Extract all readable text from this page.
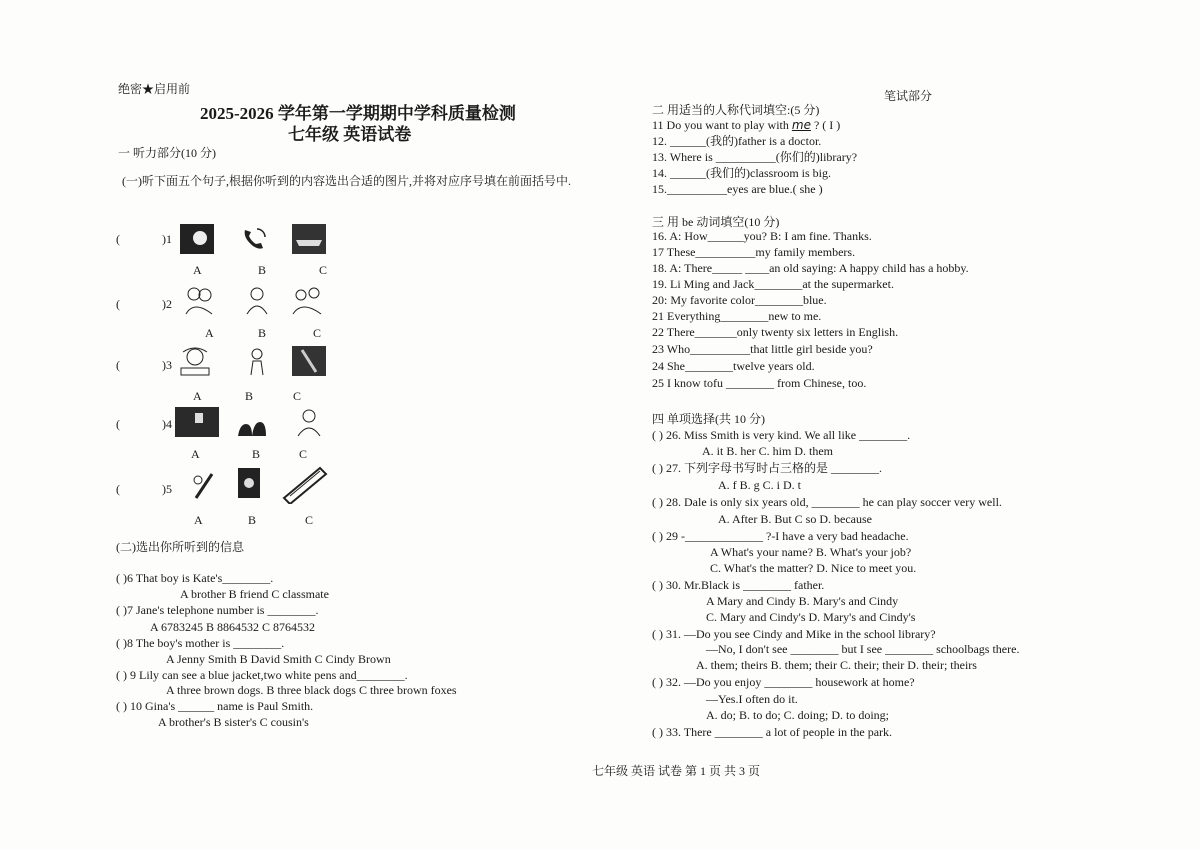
绝密★启用前	笔试部分
2025-2026 学年第一学期期中学科质量检测
七年级 英语试卷
一 听力部分(10 分)
(一)听下面五个句子,根据你听到的内容选出合适的图片,并将对应序号填在前面括号中.
(	)1
A	B	C
(	)2
A	B	C
(	)3
A	B	C
(	)4
A	B	C
(	)5
A	B	C
(二)选出你所听到的信息
( )6 That boy is Kate's________.
A brother B friend C classmate
( )7 Jane's telephone number is ________.
A 6783245 B 8864532 C 8764532
( )8 The boy's mother is ________.
A Jenny Smith B David Smith C Cindy Brown
( ) 9 Lily can see a blue jacket,two white pens and________.
A three brown dogs. B three black dogs C three brown foxes
( ) 10 Gina's ______ name is Paul Smith.
A brother's B sister's C cousin's
二 用适当的人称代词填空:(5 分)
11 Do you want to play with me ? ( I )
12. ______(我的)father is a doctor.
13. Where is __________(你们的)library?
14. ______(我们的)classroom is big.
15.__________eyes are blue.( she )
三 用 be 动词填空(10 分)
16. A: How______you? B: I am fine. Thanks.
17 These__________my family members.
18. A: There_____ ____an old saying: A happy child has a hobby.
19. Li Ming and Jack________at the supermarket.
20: My favorite color________blue.
21 Everything________new to me.
22 There_______only twenty six letters in English.
23 Who__________that little girl beside you?
24 She________twelve years old.
25 I know tofu ________ from Chinese, too.
四 单项选择(共 10 分)
( ) 26. Miss Smith is very kind. We all like ________.
A. it B. her C. him D. them
( ) 27. 下列字母书写时占三格的是 ________.
A. f B. g C. i D. t
( ) 28. Dale is only six years old, ________ he can play soccer very well.
A. After B. But C so D. because
( ) 29 -_____________ ?-I have a very bad headache.
A What's your name? B. What's your job?
C. What's the matter? D. Nice to meet you.
( ) 30. Mr.Black is ________ father.
A Mary and Cindy B. Mary's and Cindy
C. Mary and Cindy's D. Mary's and Cindy's
( ) 31. —Do you see Cindy and Mike in the school library?
—No, I don't see ________ but I see ________ schoolbags there.
A. them; theirs B. them; their C. their; their D. their; theirs
( ) 32. —Do you enjoy ________ housework at home?
—Yes.I often do it.
A. do; B. to do; C. doing; D. to doing;
( ) 33. There ________ a lot of people in the park.
七年级 英语 试卷 第 1 页 共 3 页
